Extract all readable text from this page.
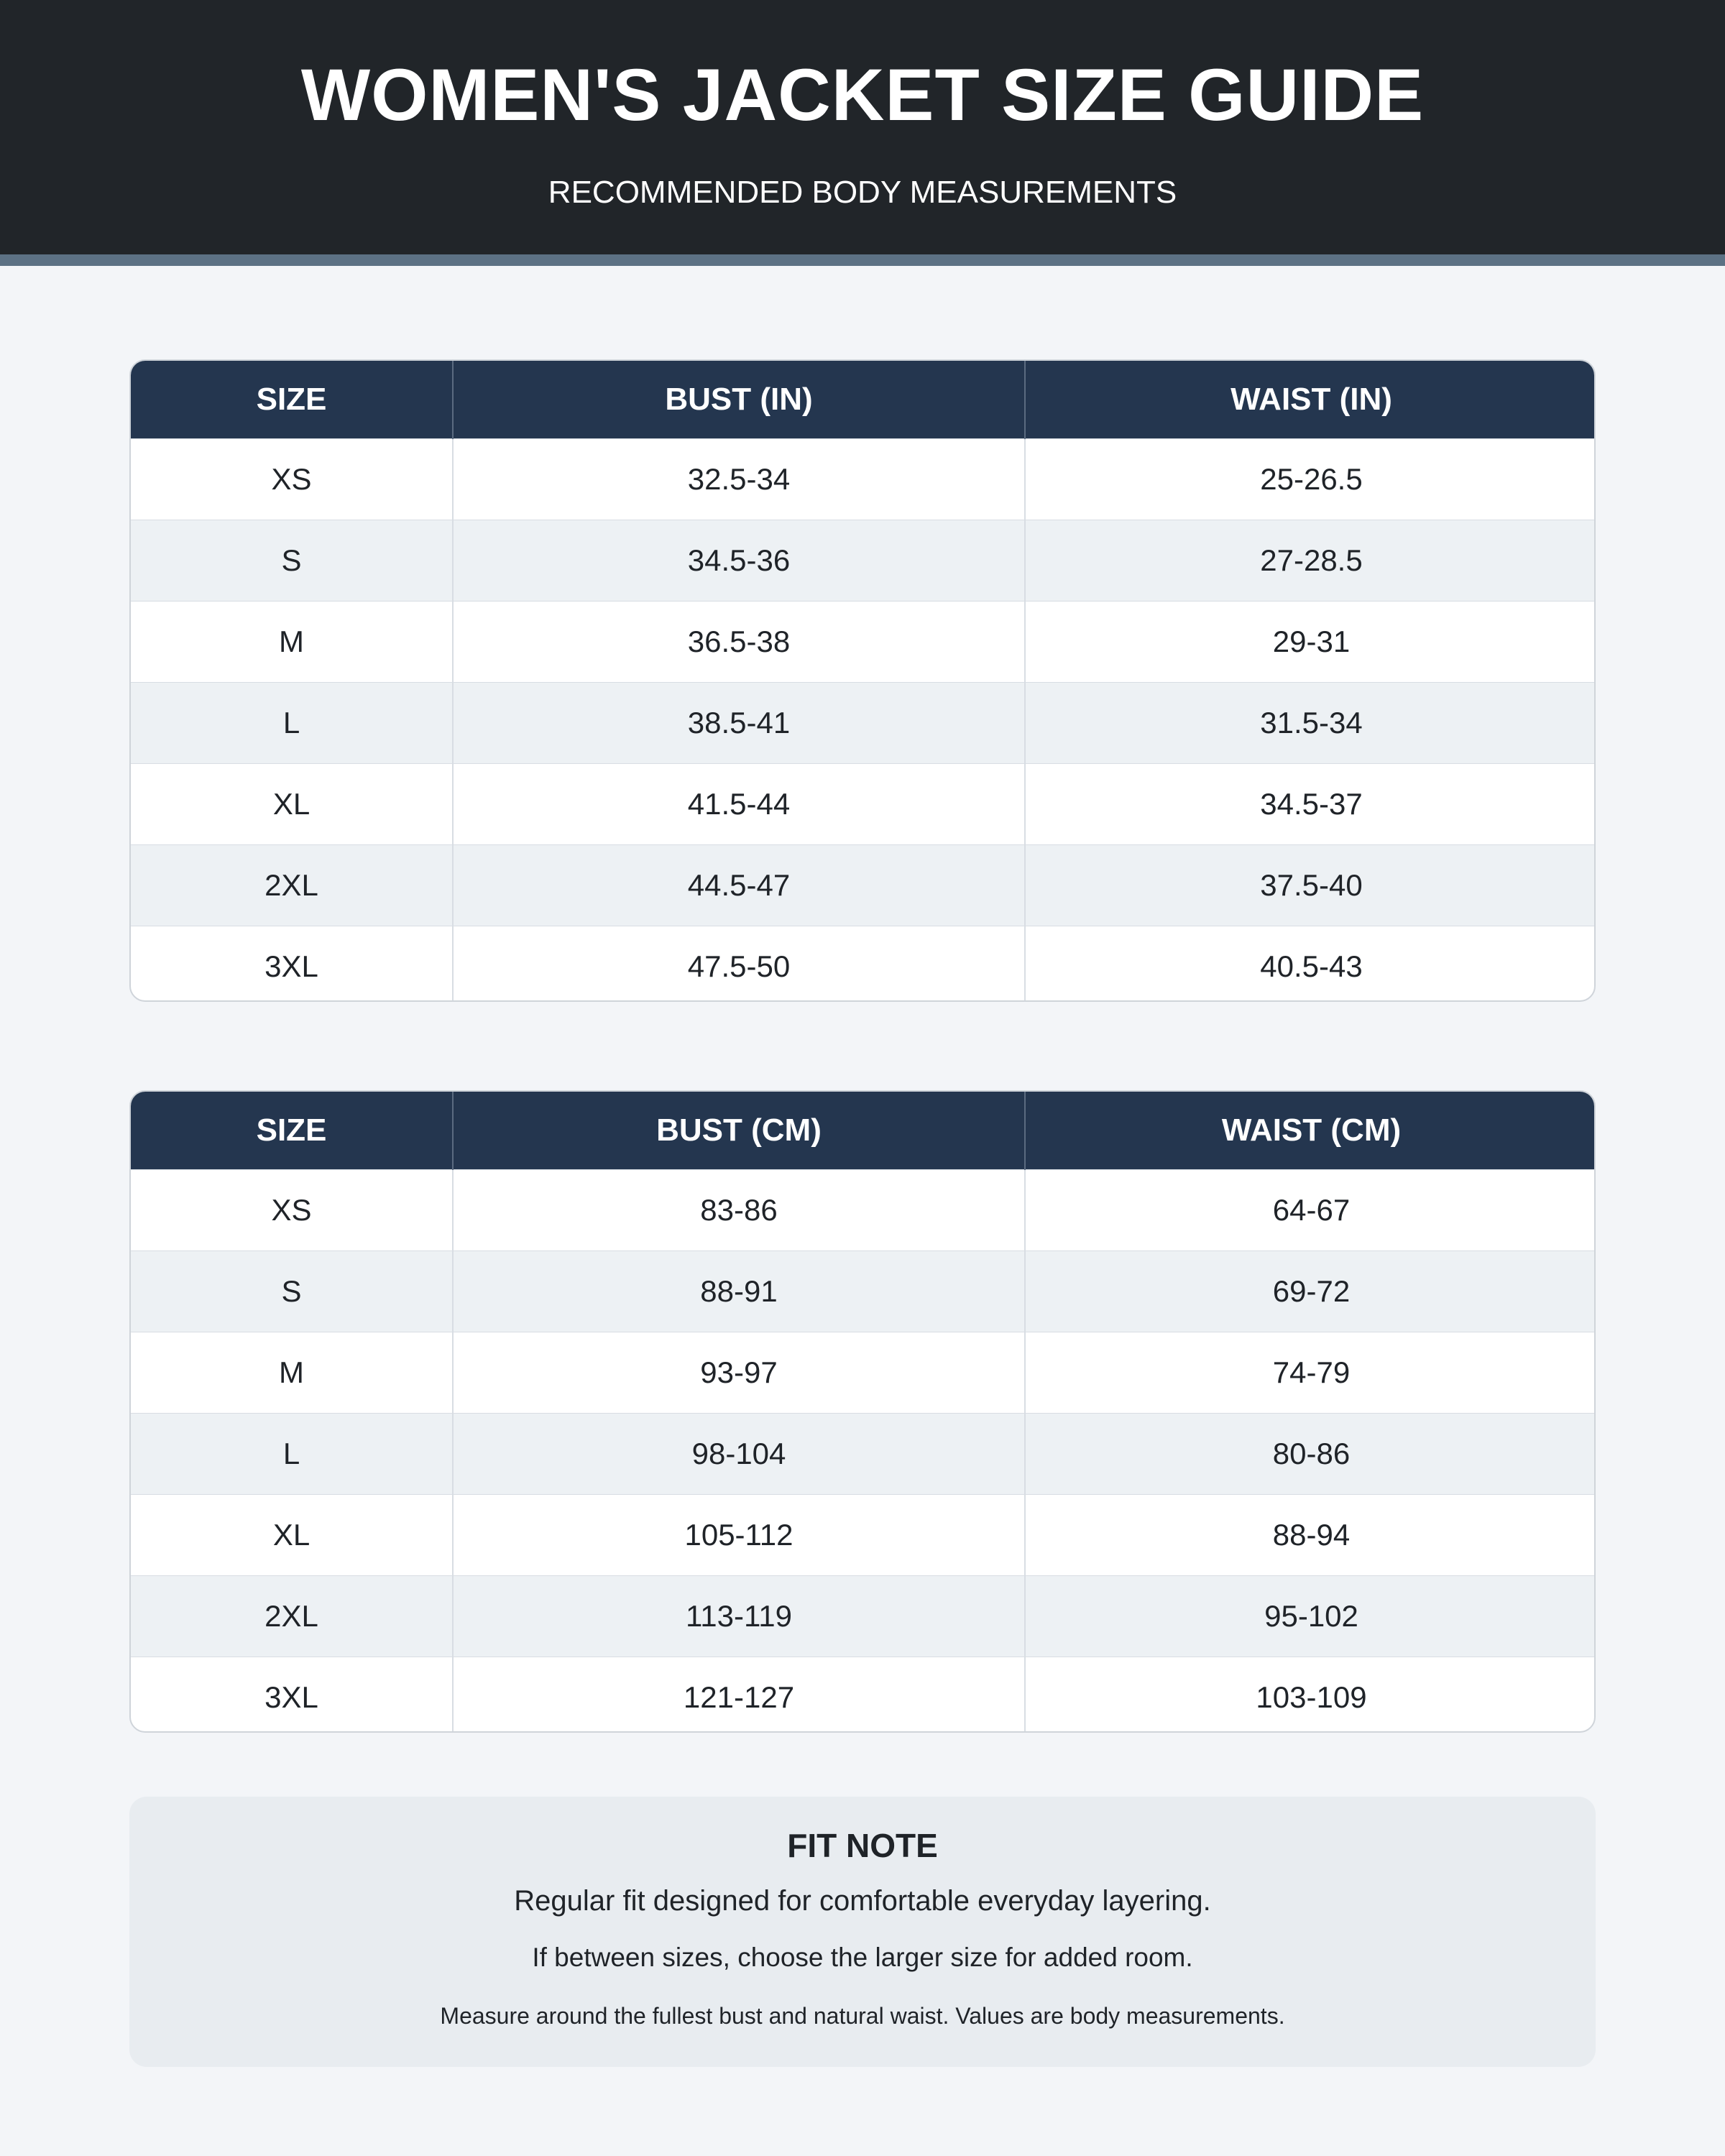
WOMEN'S JACKET SIZE GUIDE
RECOMMENDED BODY MEASUREMENTS
SIZE	BUST (IN)	WAIST (IN)
XS	32.5-34	25-26.5
S	34.5-36	27-28.5
M	36.5-38	29-31
L	38.5-41	31.5-34
XL	41.5-44	34.5-37
2XL	44.5-47	37.5-40
3XL	47.5-50	40.5-43
SIZE	BUST (CM)	WAIST (CM)
XS	83-86	64-67
S	88-91	69-72
M	93-97	74-79
L	98-104	80-86
XL	105-112	88-94
2XL	113-119	95-102
3XL	121-127	103-109
FIT NOTE
Regular fit designed for comfortable everyday layering.
If between sizes, choose the larger size for added room.
Measure around the fullest bust and natural waist. Values are body measurements.
